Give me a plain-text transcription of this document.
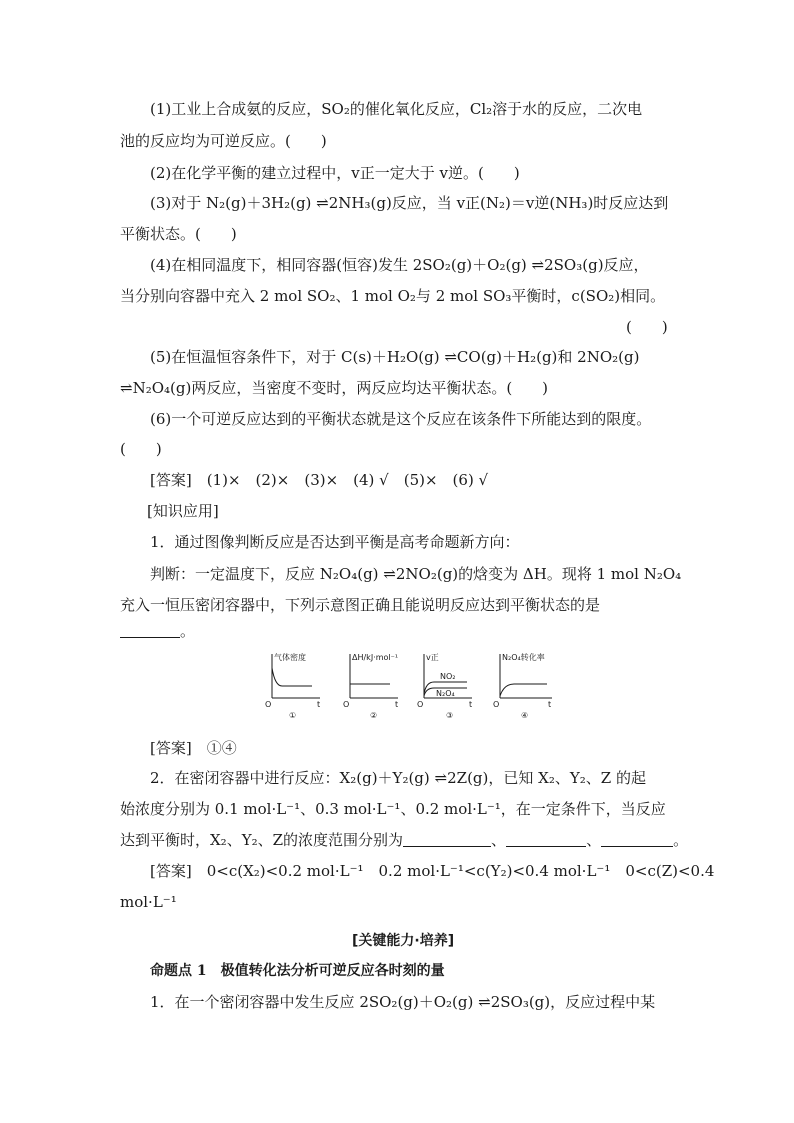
(1)工业上合成氨的反应，SO₂的催化氧化反应，Cl₂溶于水的反应，二次电
池的反应均为可逆反应。(　　)
(2)在化学平衡的建立过程中，v正一定大于 v逆。(　　)
(3)对于 N₂(g)＋3H₂(g) ⇌2NH₃(g)反应，当 v正(N₂)＝v逆(NH₃)时反应达到
平衡状态。(　　)
(4)在相同温度下，相同容器(恒容)发生 2SO₂(g)＋O₂(g) ⇌2SO₃(g)反应，
当分别向容器中充入 2 mol SO₂、1 mol O₂与 2 mol SO₃平衡时，c(SO₂)相同。
(　　)
(5)在恒温恒容条件下，对于 C(s)＋H₂O(g) ⇌CO(g)＋H₂(g)和 2NO₂(g)
⇌N₂O₄(g)两反应，当密度不变时，两反应均达平衡状态。(　　)
(6)一个可逆反应达到的平衡状态就是这个反应在该条件下所能达到的限度。
(　　)
[答案]　(1)×　(2)×　(3)×　(4) √　(5)×　(6) √
[知识应用]
1．通过图像判断反应是否达到平衡是高考命题新方向：
判断：一定温度下，反应 N₂O₄(g) ⇌2NO₂(g)的焓变为 ΔH。现将 1 mol N₂O₄
充入一恒压密闭容器中，下列示意图正确且能说明反应达到平衡状态的是
。
气体密度
O	t
①
ΔH/kJ·mol⁻¹
O	t
②
v正
NO₂
N₂O₄
O	t
③
N₂O₄转化率
O	t
④
[答案]　①④
2．在密闭容器中进行反应：X₂(g)＋Y₂(g) ⇌2Z(g)，已知 X₂、Y₂、Z 的起
始浓度分别为 0.1 mol·L⁻¹、0.3 mol·L⁻¹、0.2 mol·L⁻¹，在一定条件下，当反应
达到平衡时，X₂、Y₂、Z的浓度范围分别为	、	、	。
[答案]　0<c(X₂)<0.2 mol·L⁻¹　0.2 mol·L⁻¹<c(Y₂)<0.4 mol·L⁻¹　0<c(Z)<0.4
mol·L⁻¹
[关键能力·培养]
命题点 1　极值转化法分析可逆反应各时刻的量
1．在一个密闭容器中发生反应 2SO₂(g)＋O₂(g) ⇌2SO₃(g)，反应过程中某
